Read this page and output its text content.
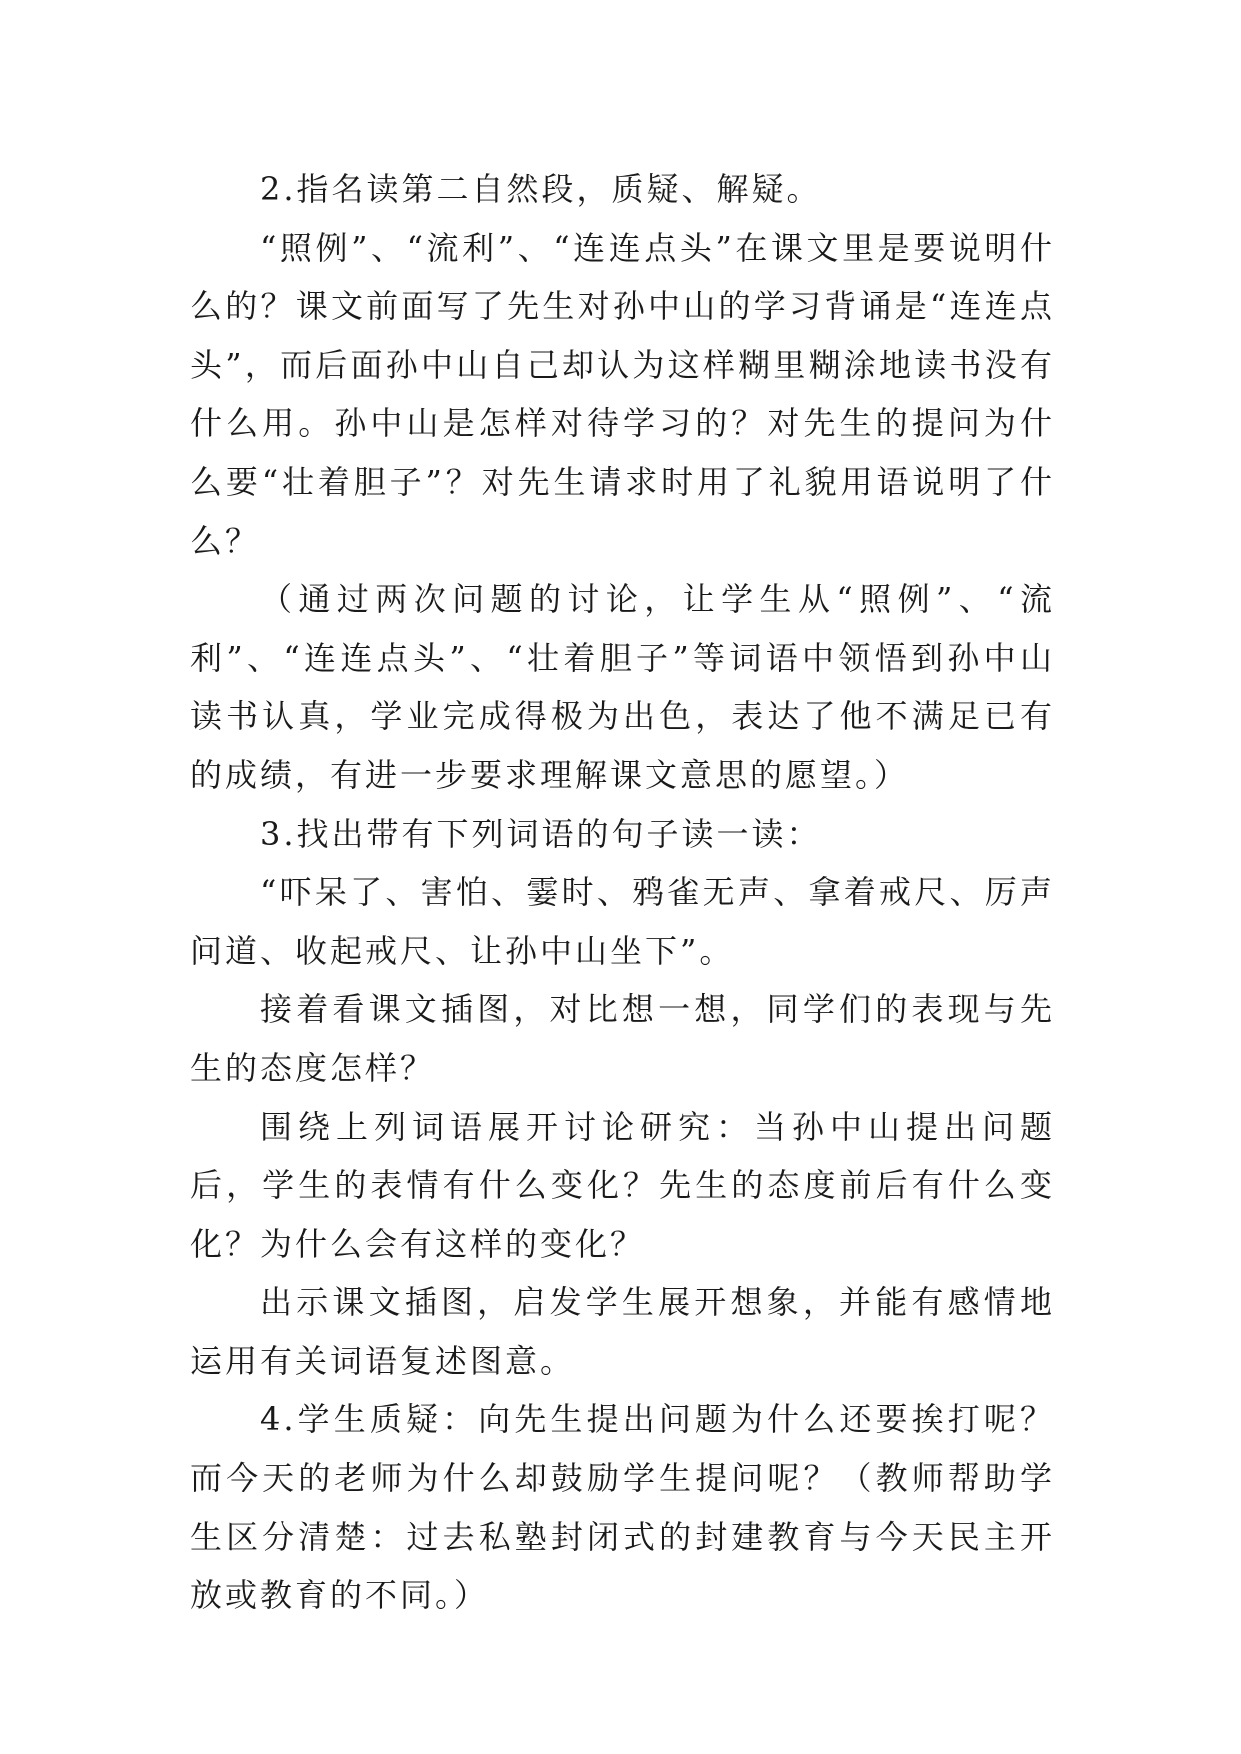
2.指名读第二自然段，质疑、解疑。

“照例”、“流利”、“连连点头”在课文里是要说明什么的？课文前面写了先生对孙中山的学习背诵是“连连点头”，而后面孙中山自己却认为这样糊里糊涂地读书没有什么用。孙中山是怎样对待学习的？对先生的提问为什么要“壮着胆子”？对先生请求时用了礼貌用语说明了什么？

（通过两次问题的讨论，让学生从“照例”、“流利”、“连连点头”、“壮着胆子”等词语中领悟到孙中山读书认真，学业完成得极为出色，表达了他不满足已有的成绩，有进一步要求理解课文意思的愿望。）

3.找出带有下列词语的句子读一读：

“吓呆了、害怕、霎时、鸦雀无声、拿着戒尺、厉声问道、收起戒尺、让孙中山坐下”。

接着看课文插图，对比想一想，同学们的表现与先生的态度怎样？

围绕上列词语展开讨论研究：当孙中山提出问题后，学生的表情有什么变化？先生的态度前后有什么变化？为什么会有这样的变化？

出示课文插图，启发学生展开想象，并能有感情地运用有关词语复述图意。

4.学生质疑：向先生提出问题为什么还要挨打呢？而今天的老师为什么却鼓励学生提问呢？（教师帮助学生区分清楚：过去私塾封闭式的封建教育与今天民主开放或教育的不同。）
